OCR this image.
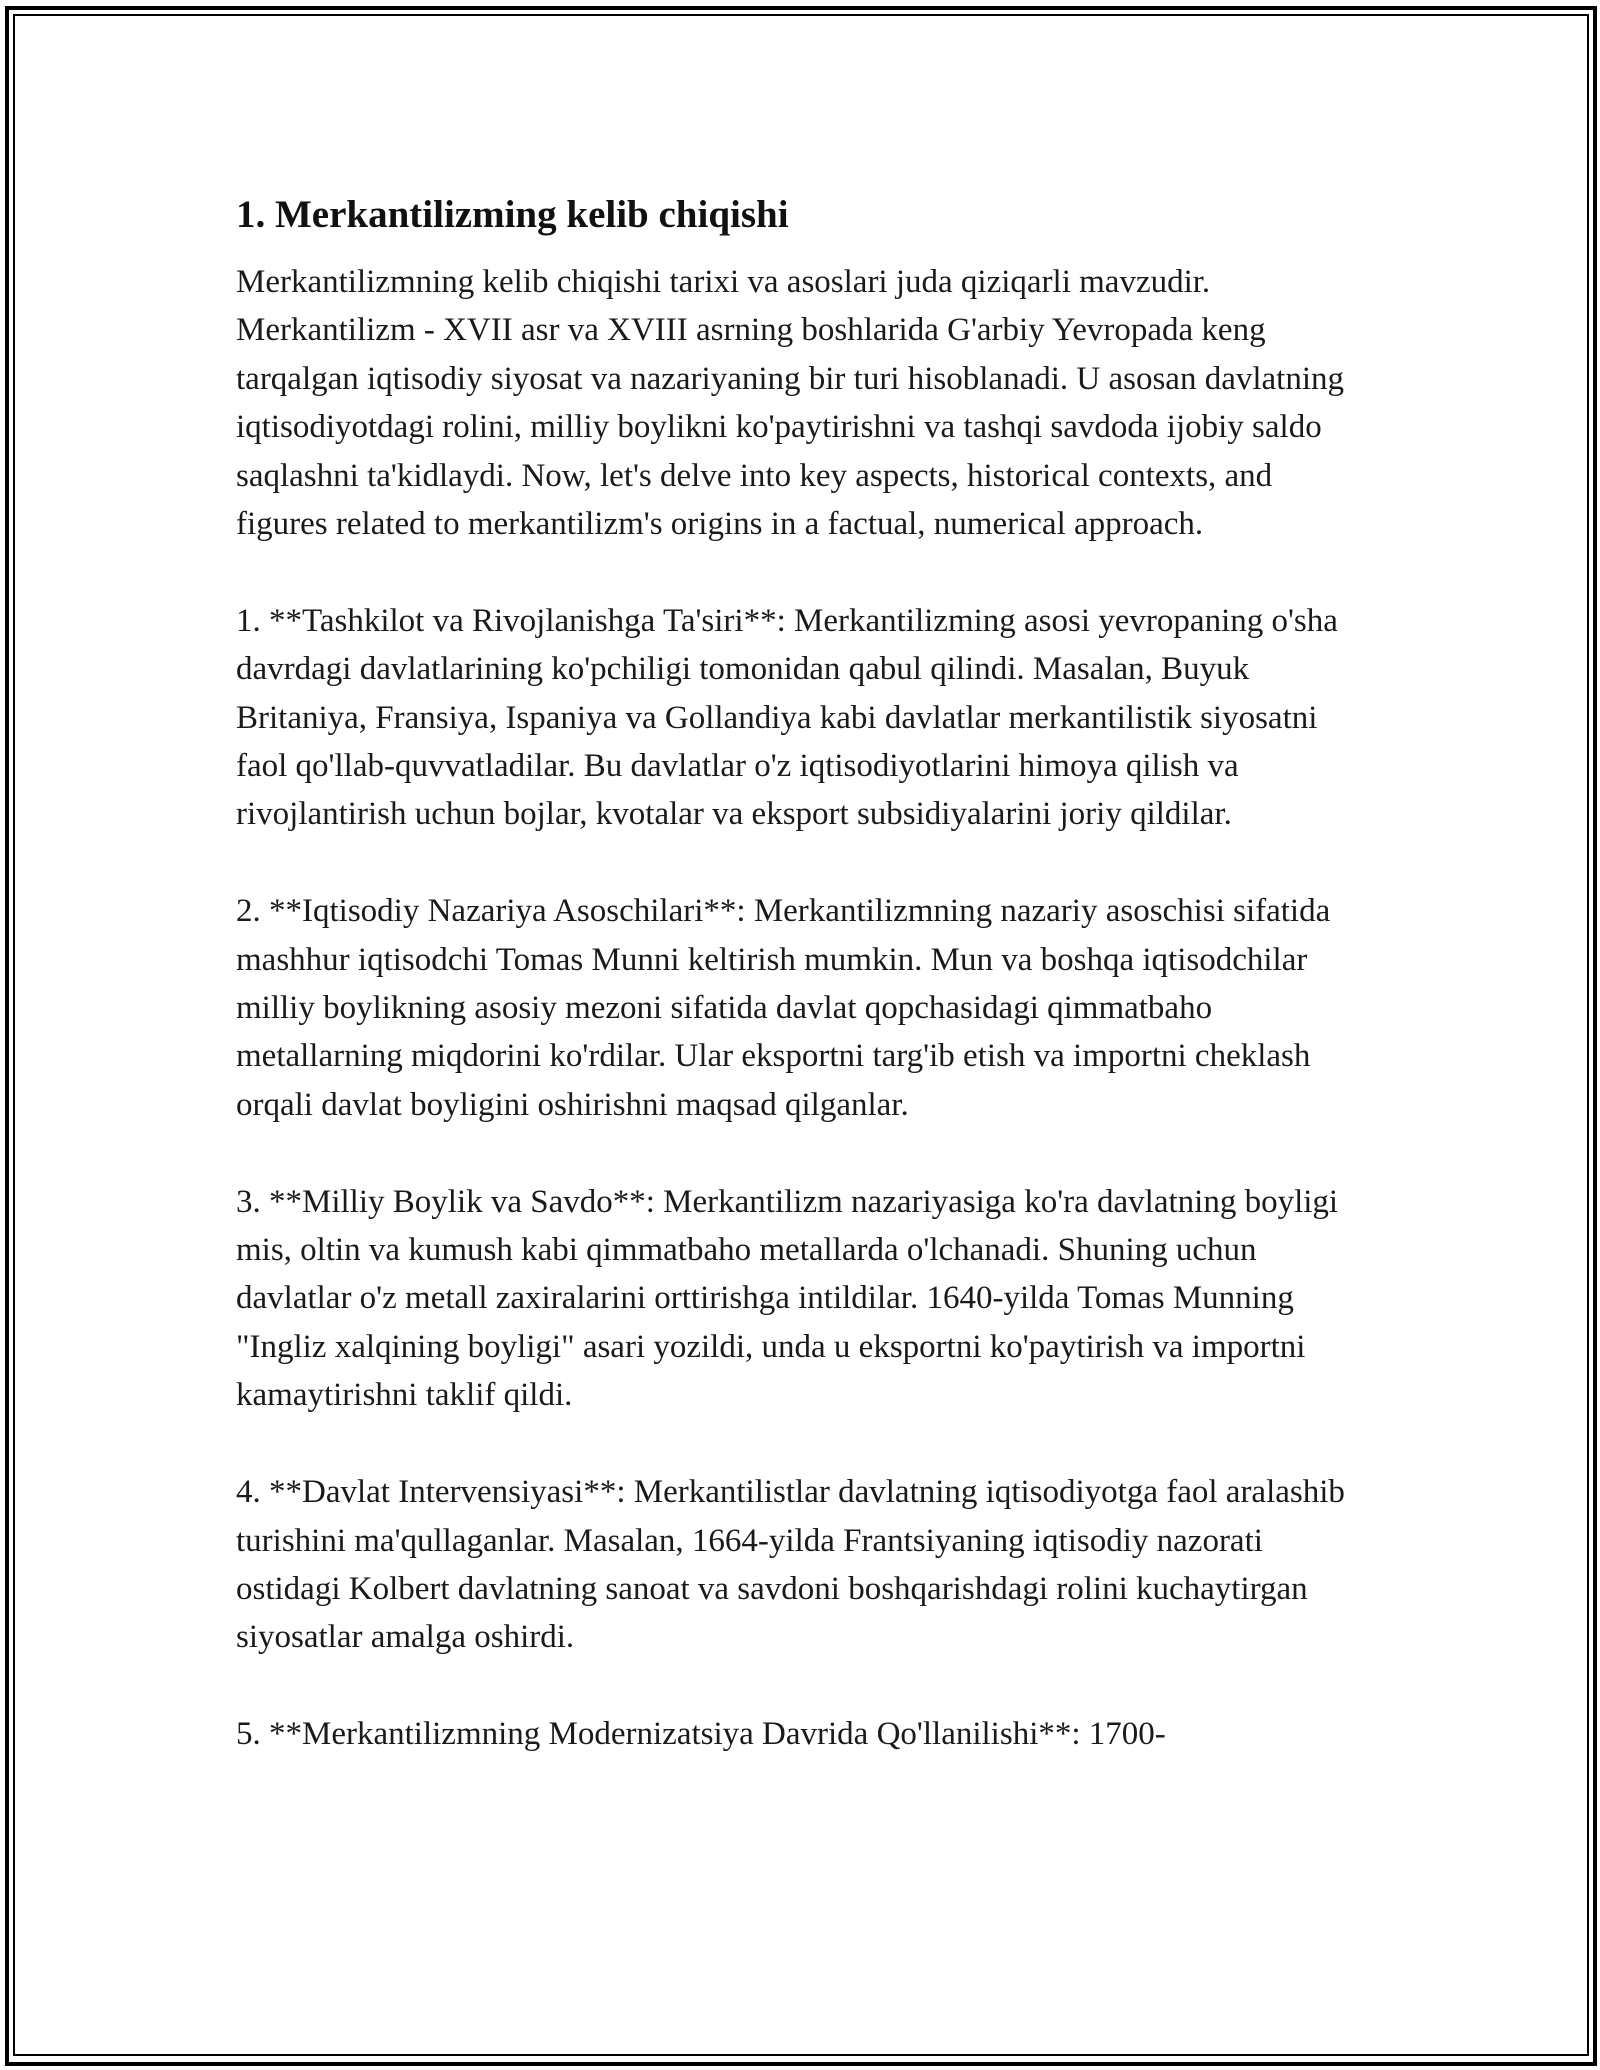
1. Merkantilizming kelib chiqishi

Merkantilizmning kelib chiqishi tarixi va asoslari juda qiziqarli mavzudir. Merkantilizm - XVII asr va XVIII asrning boshlarida G'arbiy Yevropada keng tarqalgan iqtisodiy siyosat va nazariyaning bir turi hisoblanadi. U asosan davlatning iqtisodiyotdagi rolini, milliy boylikni ko'paytirishni va tashqi savdoda ijobiy saldo saqlashni ta'kidlaydi. Now, let's delve into key aspects, historical contexts, and figures related to merkantilizm's origins in a factual, numerical approach.

1. **Tashkilot va Rivojlanishga Ta'siri**: Merkantilizming asosi yevropaning o'sha davrdagi davlatlarining ko'pchiligi tomonidan qabul qilindi. Masalan, Buyuk Britaniya, Fransiya, Ispaniya va Gollandiya kabi davlatlar merkantilistik siyosatni faol qo'llab-quvvatladilar. Bu davlatlar o'z iqtisodiyotlarini himoya qilish va rivojlantirish uchun bojlar, kvotalar va eksport subsidiyalarini joriy qildilar.

2. **Iqtisodiy Nazariya Asoschilari**: Merkantilizmning nazariy asoschisi sifatida mashhur iqtisodchi Tomas Munni keltirish mumkin. Mun va boshqa iqtisodchilar milliy boylikning asosiy mezoni sifatida davlat qopchasidagi qimmatbaho metallarning miqdorini ko'rdilar. Ular eksportni targ'ib etish va importni cheklash orqali davlat boyligini oshirishni maqsad qilganlar.

3. **Milliy Boylik va Savdo**: Merkantilizm nazariyasiga ko'ra davlatning boyligi mis, oltin va kumush kabi qimmatbaho metallarda o'lchanadi. Shuning uchun davlatlar o'z metall zaxiralarini orttirishga intildilar. 1640-yilda Tomas Munning "Ingliz xalqining boyligi" asari yozildi, unda u eksportni ko'paytirish va importni kamaytirishni taklif qildi.

4. **Davlat Intervensiyasi**: Merkantilistlar davlatning iqtisodiyotga faol aralashib turishini ma'qullaganlar. Masalan, 1664-yilda Frantsiyaning iqtisodiy nazorati ostidagi Kolbert davlatning sanoat va savdoni boshqarishdagi rolini kuchaytirgan siyosatlar amalga oshirdi.

5. **Merkantilizmning Modernizatsiya Davrida Qo'llanilishi**: 1700-
